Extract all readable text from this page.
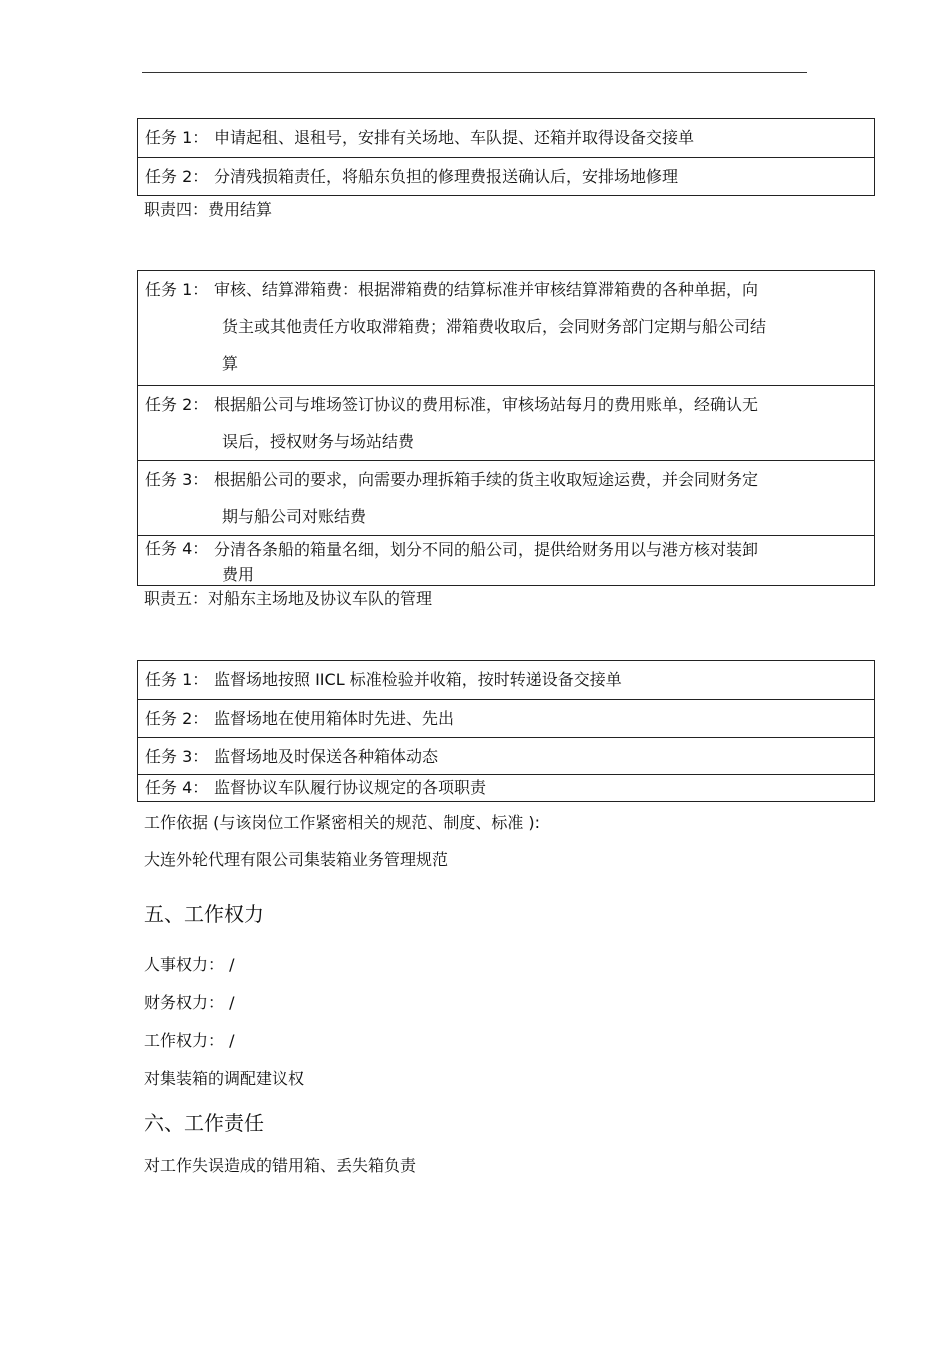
任务 1： 申请起租、退租号，安排有关场地、车队提、还箱并取得设备交接单
任务 2： 分清残损箱责任，将船东负担的修理费报送确认后，安排场地修理
职责四：费用结算
任务 1： 审核、结算滞箱费：根据滞箱费的结算标准并审核结算滞箱费的各种单据，向
货主或其他责任方收取滞箱费；滞箱费收取后，会同财务部门定期与船公司结
算
任务 2： 根据船公司与堆场签订协议的费用标准，审核场站每月的费用账单，经确认无
误后，授权财务与场站结费
任务 3： 根据船公司的要求，向需要办理拆箱手续的货主收取短途运费，并会同财务定
期与船公司对账结费
任务 4： 分清各条船的箱量名细，划分不同的船公司，提供给财务用以与港方核对装卸
费用
职责五：对船东主场地及协议车队的管理
任务 1： 监督场地按照 IICL 标准检验并收箱，按时转递设备交接单
任务 2： 监督场地在使用箱体时先进、先出
任务 3： 监督场地及时保送各种箱体动态
任务 4： 监督协议车队履行协议规定的各项职责
工作依据 (与该岗位工作紧密相关的规范、制度、标准 ):
大连外轮代理有限公司集装箱业务管理规范
五、工作权力
人事权力： /
财务权力： /
工作权力： /
对集装箱的调配建议权
六、工作责任
对工作失误造成的错用箱、丢失箱负责
